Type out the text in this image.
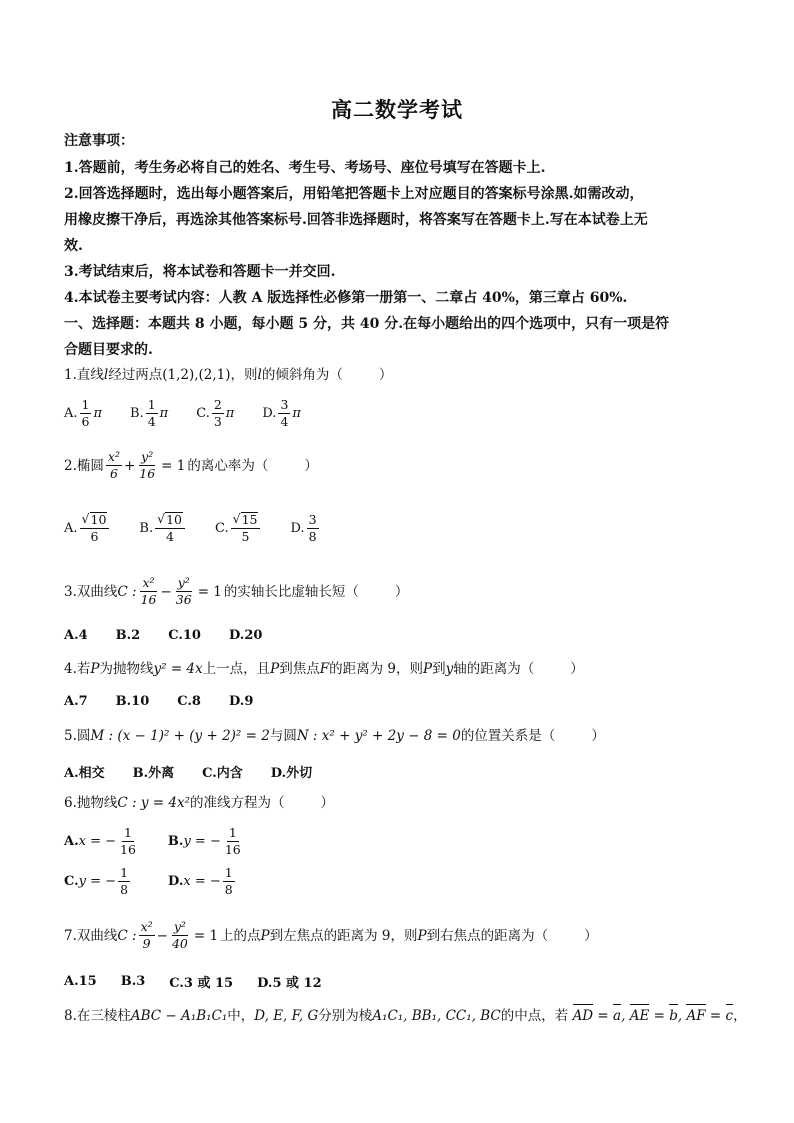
高二数学考试
注意事项：
1.答题前，考生务必将自己的姓名、考生号、考场号、座位号填写在答题卡上.
2.回答选择题时，选出每小题答案后，用铅笔把答题卡上对应题目的答案标号涂黑.如需改动，
用橡皮擦干净后，再选涂其他答案标号.回答非选择题时，将答案写在答题卡上.写在本试卷上无
效.
3.考试结束后，将本试卷和答题卡一并交回.
4.本试卷主要考试内容：人教 A 版选择性必修第一册第一、二章占 40%，第三章占 60%.
一、选择题：本题共 8 小题，每小题 5 分，共 40 分.在每小题给出的四个选项中，只有一项是符
合题目要求的.
1.直线l经过两点(1,2),(2,1)，则l的倾斜角为（	）
A. $\frac{1}{6}$ π B. $\frac{1}{4}$ π C. $\frac{2}{3}$ π D. $\frac{3}{4}$ π
2.椭圆 $\frac{\text{x²}}{6} + \frac{\text{y²}}{16} = 1$ 的离心率为（	）
A. $\frac{√ 10}{6} B$. $\frac{√ 10}{4} C$. $\frac{√ 15}{5} D$. $\frac{3}{8}$
3.双曲线 C : $\frac{\text{x²}}{16} - \frac{\text{y²}}{36} = 1$ 的实轴长比虚轴长短（	）
A.4 B.2 C.10 D.20
4.若P为抛物线y² = 4x上一点，且P到焦点F的距离为 9，则P到y轴的距离为（	）
A.7 B.10 C.8 D.9
5.圆M : (x − 1)² + (y + 2)² = 2与圆N : x² + y² + 2y − 8 = 0的位置关系是（	）
A.相交 B.外离 C.内含 D.外切
6.抛物线C : y = 4x²的准线方程为（	）
A. x = − $\frac{1}{16} B$. y = − $\frac{1}{16}$
C. y = − $\frac{1}{8}$	D. x = − $\frac{1}{8}$
7.双曲线 C : $\frac{\text{x²}}{9} - \frac{\text{y²}}{40} = 1$ 上的点 P 到左焦点的距离为 9，则 P 到右焦点的距离为（	）
A.15 B.3 C.3 或 15 D.5 或 12
8.在三棱柱ABC − A₁B₁C₁中，D, E, F, G分别为棱A₁C₁, BB₁, CC₁, BC的中点，若 AD = a, AE = b, AF = c，
